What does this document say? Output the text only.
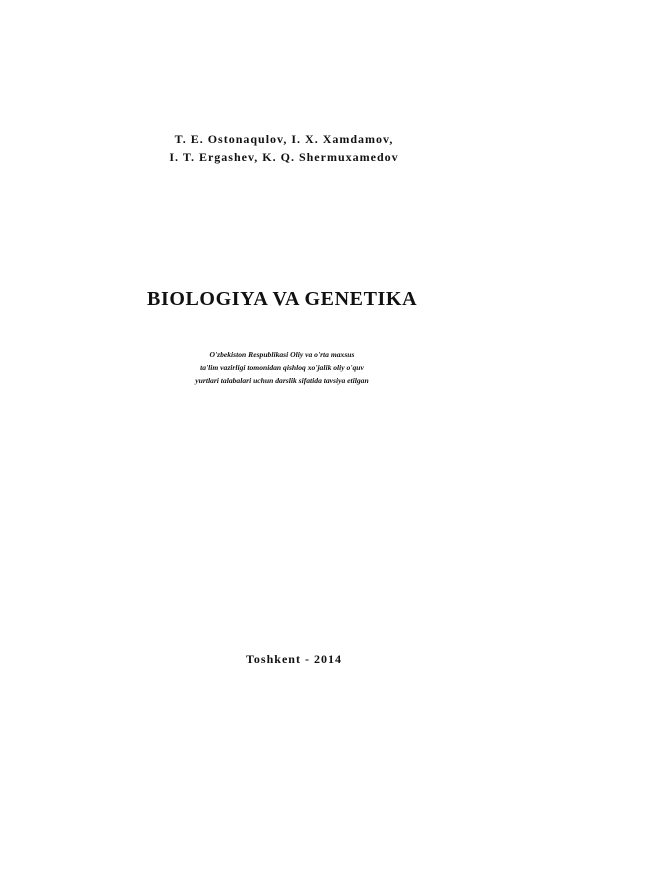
T. E. Ostonaqulov, I. X. Xamdamov,
I. T. Ergashev, K. Q. Shermuxamedov
BIOLOGIYA VA GENETIKA
O'zbekiston Respublikasi Oliy va o'rta maxsus
ta'lim vazirligi tomonidan qishloq xo'jalik oliy o'quv
yurtlari talabalari uchun darslik sifatida tavsiya etilgan
Toshkent - 2014
